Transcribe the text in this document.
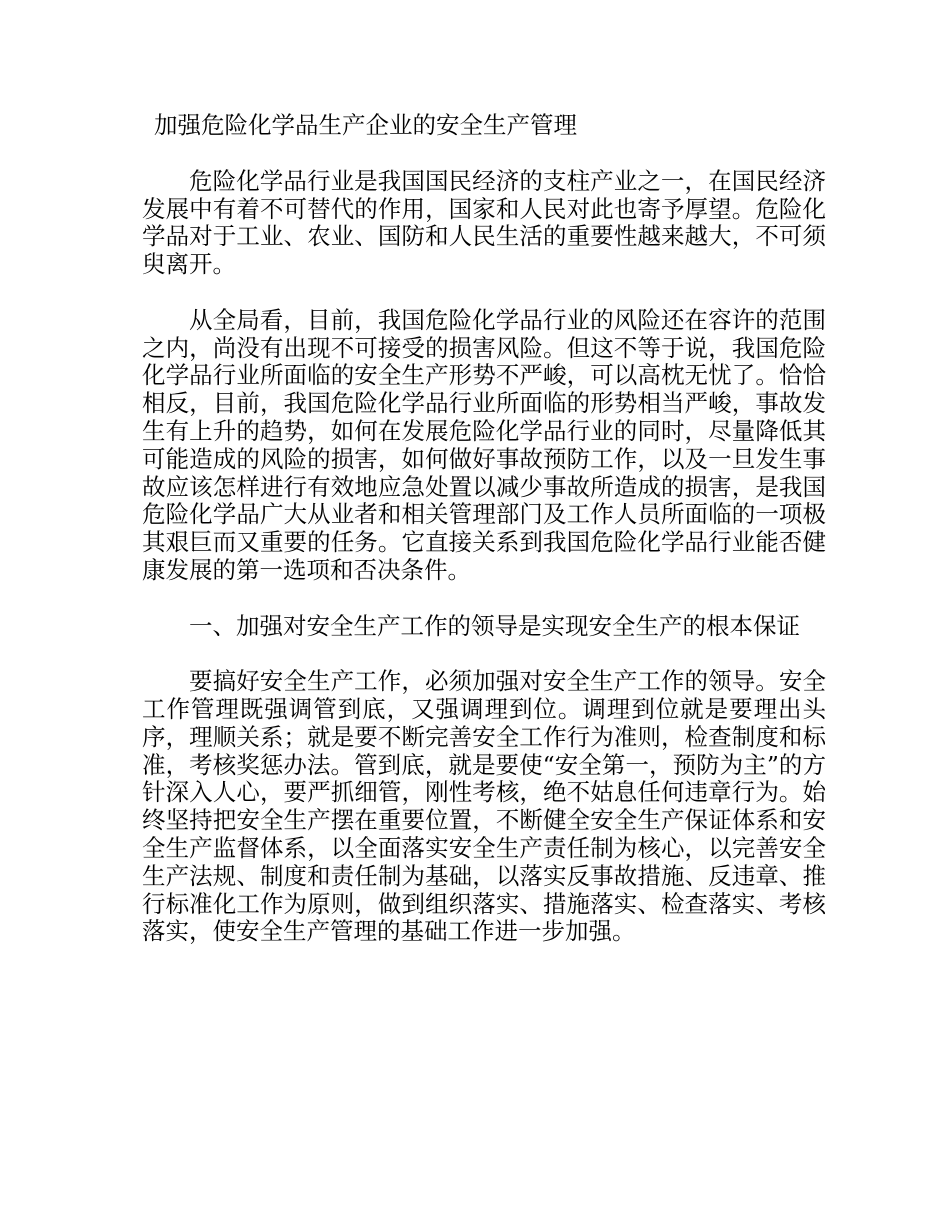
加强危险化学品生产企业的安全生产管理

危险化学品行业是我国国民经济的支柱产业之一，在国民经济发展中有着不可替代的作用，国家和人民对此也寄予厚望。危险化学品对于工业、农业、国防和人民生活的重要性越来越大，不可须臾离开。

从全局看，目前，我国危险化学品行业的风险还在容许的范围之内，尚没有出现不可接受的损害风险。但这不等于说，我国危险化学品行业所面临的安全生产形势不严峻，可以高枕无忧了。恰恰相反，目前，我国危险化学品行业所面临的形势相当严峻，事故发生有上升的趋势，如何在发展危险化学品行业的同时，尽量降低其可能造成的风险的损害，如何做好事故预防工作，以及一旦发生事故应该怎样进行有效地应急处置以减少事故所造成的损害，是我国危险化学品广大从业者和相关管理部门及工作人员所面临的一项极其艰巨而又重要的任务。它直接关系到我国危险化学品行业能否健康发展的第一选项和否决条件。

一、加强对安全生产工作的领导是实现安全生产的根本保证

要搞好安全生产工作，必须加强对安全生产工作的领导。安全工作管理既强调管到底，又强调理到位。调理到位就是要理出头序，理顺关系；就是要不断完善安全工作行为准则，检查制度和标准，考核奖惩办法。管到底，就是要使“安全第一，预防为主”的方针深入人心，要严抓细管，刚性考核，绝不姑息任何违章行为。始终坚持把安全生产摆在重要位置，不断健全安全生产保证体系和安全生产监督体系，以全面落实安全生产责任制为核心，以完善安全生产法规、制度和责任制为基础，以落实反事故措施、反违章、推行标准化工作为原则，做到组织落实、措施落实、检查落实、考核落实，使安全生产管理的基础工作进一步加强。
